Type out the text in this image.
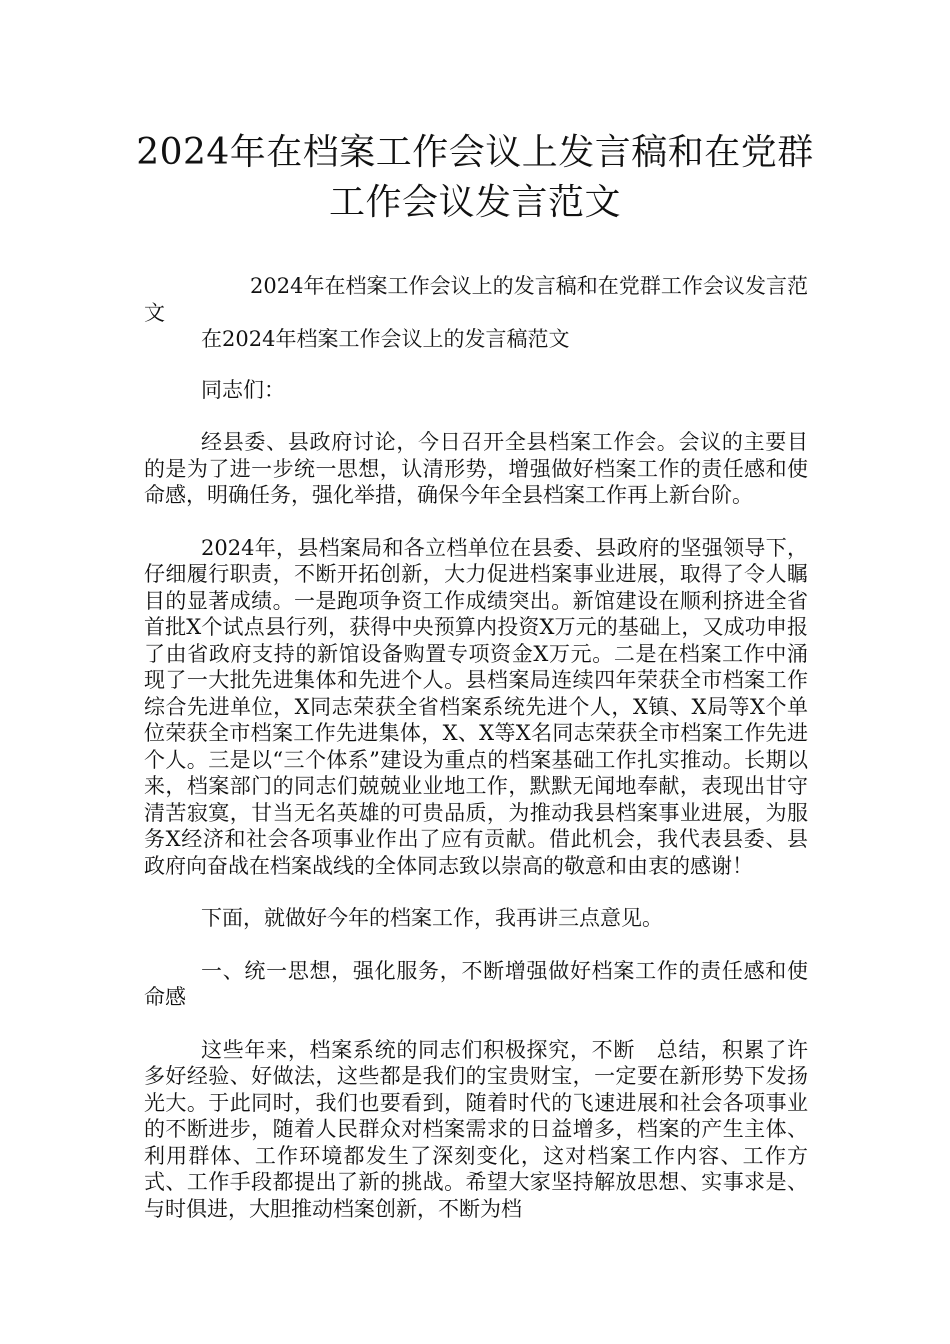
2024年在档案工作会议上发言稿和在党群
工作会议发言范文

2024年在档案工作会议上的发言稿和在党群工作会议发言范文

在2024年档案工作会议上的发言稿范文

同志们：

经县委、县政府讨论，今日召开全县档案工作会。会议的主要目的是为了进一步统一思想，认清形势，增强做好档案工作的责任感和使命感，明确任务，强化举措，确保今年全县档案工作再上新台阶。

2024年，县档案局和各立档单位在县委、县政府的坚强领导下，仔细履行职责，不断开拓创新，大力促进档案事业进展，取得了令人瞩目的显著成绩。一是跑项争资工作成绩突出。新馆建设在顺利挤进全省首批X个试点县行列，获得中央预算内投资X万元的基础上，又成功申报了由省政府支持的新馆设备购置专项资金X万元。二是在档案工作中涌现了一大批先进集体和先进个人。县档案局连续四年荣获全市档案工作综合先进单位，X同志荣获全省档案系统先进个人，X镇、X局等X个单位荣获全市档案工作先进集体，X、X等X名同志荣获全市档案工作先进个人。三是以“三个体系”建设为重点的档案基础工作扎实推动。长期以来，档案部门的同志们兢兢业业地工作，默默无闻地奉献，表现出甘守清苦寂寞，甘当无名英雄的可贵品质，为推动我县档案事业进展，为服务X经济和社会各项事业作出了应有贡献。借此机会，我代表县委、县政府向奋战在档案战线的全体同志致以崇高的敬意和由衷的感谢！

下面，就做好今年的档案工作，我再讲三点意见。

一、统一思想，强化服务，不断增强做好档案工作的责任感和使命感

这些年来，档案系统的同志们积极探究，不断　总结，积累了许多好经验、好做法，这些都是我们的宝贵财宝，一定要在新形势下发扬光大。于此同时，我们也要看到，随着时代的飞速进展和社会各项事业的不断进步，随着人民群众对档案需求的日益增多，档案的产生主体、利用群体、工作环境都发生了深刻变化，这对档案工作内容、工作方式、工作手段都提出了新的挑战。希望大家坚持解放思想、实事求是、与时俱进，大胆推动档案创新，不断为档
